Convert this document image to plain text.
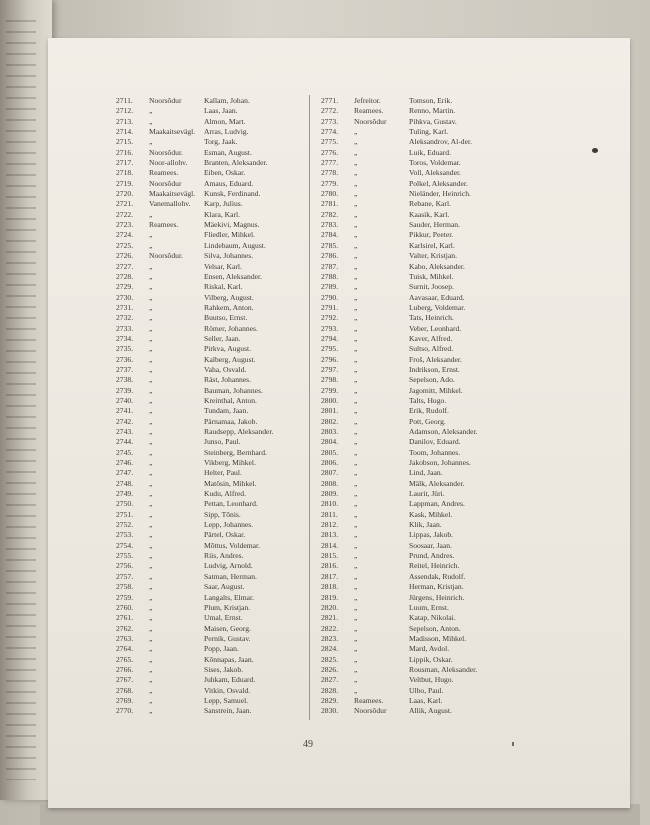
2711.	Noorsõdur	Kallam, Johan.
2712.	„	Laas, Jaan.
2713.	„	Almon, Mart.
2714.	Maakaitsevägl.	Arras, Ludvig.
2715.	„	Torg, Jaak.
2716.	Noorsõdur.	Esman, August.
2717.	Noor-allohv.	Branten, Aleksander.
2718.	Reamees.	Eiben, Oskar.
2719.	Noorsõdur	Amaus, Eduard.
2720.	Maakaitsevägl.	Kunsk, Ferdinand.
2721.	Vanemallohv.	Karp, Julius.
2722.	„	Klara, Karl.
2723.	Reamees.	Mäekivi, Magnus.
2724.	„	Fliedler, Mihkel.
2725.	„	Lindebaum, August.
2726.	Noorsõdur.	Silva, Johannes.
2727.	„	Velsar, Karl.
2728.	„	Ensen, Aleksander.
2729.	„	Riskal, Karl.
2730.	„	Vilberg, August.
2731.	„	Rahkem, Anton.
2732.	„	Buutso, Ernst.
2733.	„	Römer, Johannes.
2734.	„	Seller, Jaan.
2735.	„	Pirkva, August.
2736.	„	Kalberg, August.
2737.	„	Vaha, Osvald.
2738.	„	Räst, Johannes.
2739.	„	Bauman, Johannes.
2740.	„	Kreinthal, Anton.
2741.	„	Tundam, Jaan.
2742.	„	Pärnamaa, Jakob.
2743.	„	Raudsepp, Aleksander.
2744.	„	Junso, Paul.
2745.	„	Steinberg, Bernhard.
2746.	„	Vikberg, Mihkel.
2747.	„	Helter, Paul.
2748.	„	Matõsin, Mihkel.
2749.	„	Kudu, Alfred.
2750.	„	Pettan, Leonhard.
2751.	„	Sipp, Tõnis.
2752.	„	Lepp, Johannes.
2753.	„	Pärtel, Oskar.
2754.	„	Mõttus, Voldemar.
2755.	„	Riis, Andres.
2756.	„	Ludvig, Arnold.
2757.	„	Satman, Herman.
2758.	„	Saar, August.
2759.	„	Langalts, Elmar.
2760.	„	Plum, Kristjan.
2761.	„	Umal, Ernst.
2762.	„	Maisen, Georg.
2763.	„	Pernik, Gustav.
2764.	„	Popp, Jaan.
2765.	„	Kõnnapas, Jaan.
2766.	„	Sises, Jakob.
2767.	„	Juhkam, Eduard.
2768.	„	Vitkin, Osvald.
2769.	„	Lepp, Samuel.
2770.	„	Sanstrein, Jaan.
2771.	Jefreitor.	Tomson, Erik.
2772.	Reamees.	Renno, Martin.
2773.	Noorsõdur	Pihkva, Gustav.
2774.	„	Tuling, Karl.
2775.	„	Aleksandrov, Al-der.
2776.	„	Luik, Eduard.
2777.	„	Toros, Voldemar.
2778.	„	Voll, Aleksander.
2779.	„	Polkel, Aleksander.
2780.	„	Nieländer, Heinrich.
2781.	„	Rebane, Karl.
2782.	„	Kaasik, Karl.
2783.	„	Sauder, Herman.
2784.	„	Pikkur, Peeter.
2785.	„	Karlsirel, Karl.
2786.	„	Valter, Kristjan.
2787.	„	Kabo, Aleksander.
2788.	„	Tuisk, Mihkel.
2789.	„	Surnit, Joosep.
2790.	„	Aavasaar, Eduard.
2791.	„	Luberg, Voldemar.
2792.	„	Tats, Heinrich.
2793.	„	Veber, Leonhard.
2794.	„	Kaver, Alfred.
2795.	„	Sultso, Alfred.
2796.	„	Froš, Aleksander.
2797.	„	Indrikson, Ernst.
2798.	„	Sepelson, Ado.
2799.	„	Jagomitt, Mihkel.
2800.	„	Talts, Hugo.
2801.	„	Erik, Rudolf.
2802.	„	Pott, Georg.
2803.	„	Adamson, Aleksander.
2804.	„	Danilov, Eduard.
2805.	„	Toom, Johannes.
2806.	„	Jakobson, Johannes.
2807.	„	Lind, Jaan.
2808.	„	Mälk, Aleksander.
2809.	„	Laurit, Jüri.
2810.	„	Lappman, Andres.
2811.	„	Kask, Mihkel.
2812.	„	Klik, Jaan.
2813.	„	Lippas, Jakob.
2814.	„	Soosaar, Jaan.
2815.	„	Prund, Andres.
2816.	„	Reitel, Heinrich.
2817.	„	Assendak, Rudolf.
2818.	„	Herman, Kristjan.
2819.	„	Jürgens, Heinrich.
2820.	„	Luum, Ernst.
2821.	„	Katap, Nikolai.
2822.	„	Sepelson, Anton.
2823.	„	Madisson, Mihkel.
2824.	„	Mard, Avdol.
2825.	„	Lippik, Oskar.
2826.	„	Rousman, Aleksander.
2827.	„	Veltbut, Hugo.
2828.	„	Ulbo, Paul.
2829.	Reamees.	Laas, Karl.
2830.	Noorsõdur	Allik, August.
49
